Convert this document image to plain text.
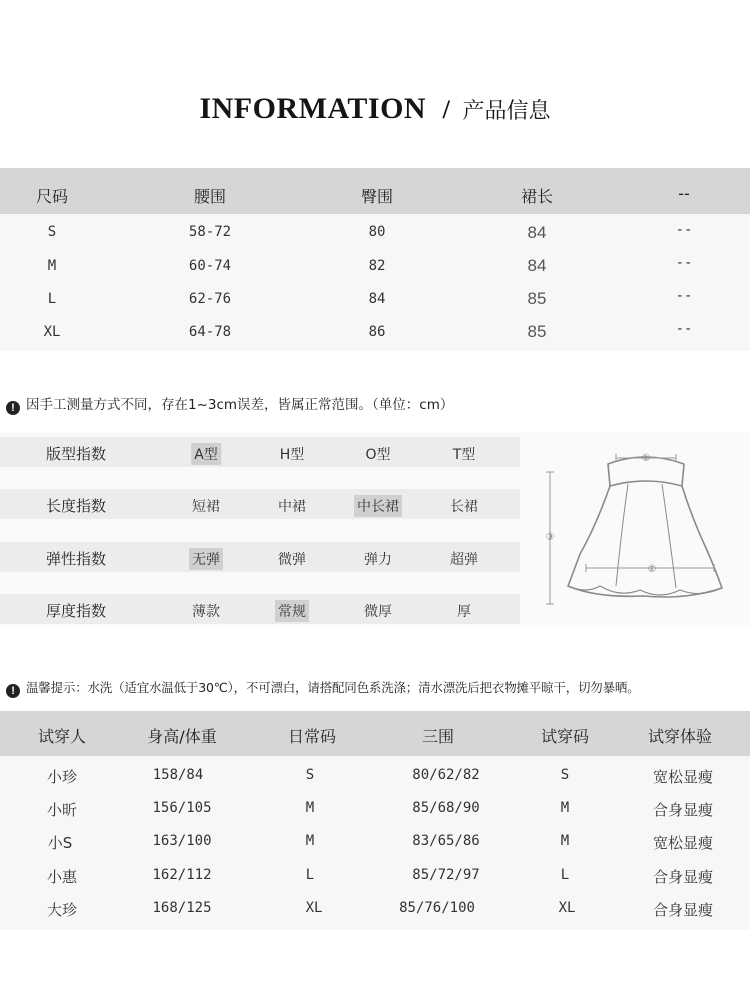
INFORMATION / 产品信息
尺码	腰围	臀围	裙长	--
S	58-72	80	84	--
M	60-74	82	84	--
L	62-76	84	85	--
XL	64-78	86	85	--
! 因手工测量方式不同，存在1~3cm误差，皆属正常范围。（单位：cm）
版型指数	A型	H型	O型	T型
长度指数	短裙	中裙	中长裙	长裙
弹性指数	无弹	微弹	弹力	超弹
厚度指数	薄款	常规	微厚	厚
①
②
③
! 温馨提示：水洗（适宜水温低于30℃），不可漂白，请搭配同色系洗涤；清水漂洗后把衣物摊平晾干，切勿暴晒。
试穿人	身高/体重	日常码	三围	试穿码	试穿体验
小珍	158/84	S	80/62/82	S	宽松显瘦
小昕	156/105	M	85/68/90	M	合身显瘦
小S	163/100	M	83/65/86	M	宽松显瘦
小惠	162/112	L	85/72/97	L	合身显瘦
大珍	168/125	XL	85/76/100	XL	合身显瘦
